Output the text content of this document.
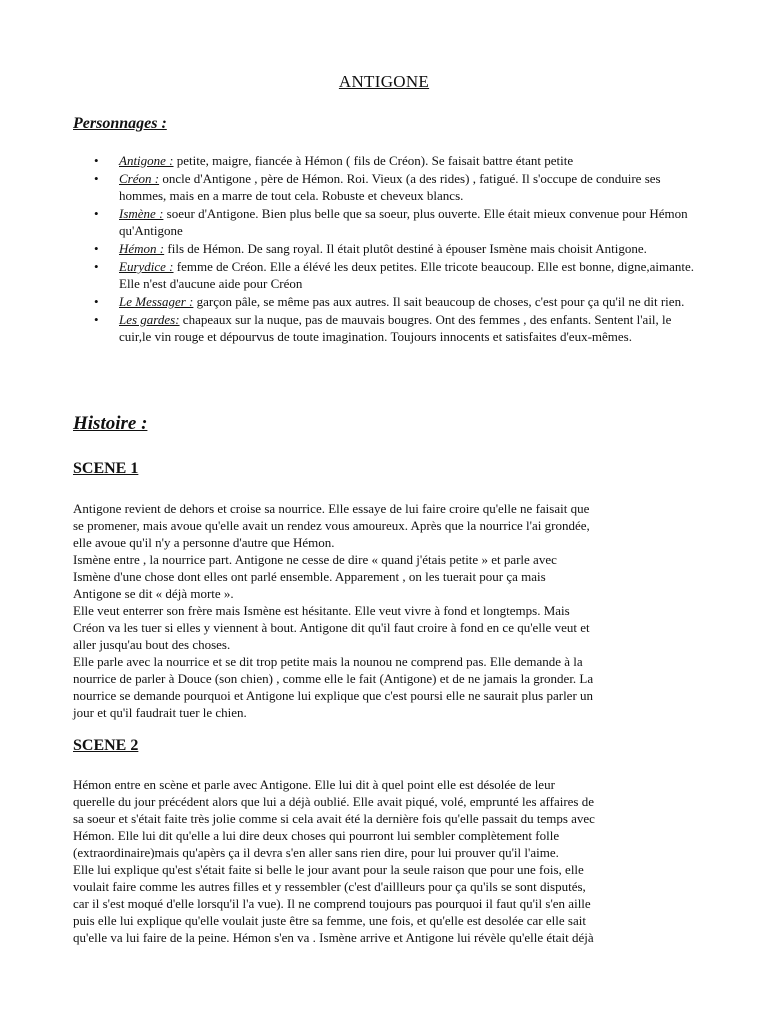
ANTIGONE
Personnages :
• Antigone : petite, maigre, fiancée à Hémon ( fils de Créon). Se faisait battre étant petite
• Créon : oncle d'Antigone , père de Hémon. Roi. Vieux (a des rides) , fatigué. Il s'occupe de conduire ses hommes, mais en a marre de tout cela. Robuste et cheveux blancs.
• Ismène : soeur d'Antigone. Bien plus belle que sa soeur, plus ouverte. Elle était mieux convenue pour Hémon qu'Antigone
• Hémon : fils de Hémon. De sang royal. Il était plutôt destiné à épouser Ismène mais choisit Antigone.
• Eurydice : femme de Créon. Elle a élévé les deux petites. Elle tricote beaucoup. Elle est bonne, digne,aimante. Elle n'est d'aucune aide pour Créon
• Le Messager : garçon pâle, se même pas aux autres. Il sait beaucoup de choses, c'est pour ça qu'il ne dit rien.
• Les gardes: chapeaux sur la nuque, pas de mauvais bougres. Ont des femmes , des enfants. Sentent l'ail, le cuir,le vin rouge et dépourvus de toute imagination. Toujours innocents et satisfaites d'eux-mêmes.
Histoire :
SCENE 1

Antigone revient de dehors et croise sa nourrice. Elle essaye de lui faire croire qu'elle ne faisait que
se promener, mais avoue qu'elle avait un rendez vous amoureux. Après que la nourrice l'ai grondée,
elle avoue qu'il n'y a personne d'autre que Hémon.
Ismène entre , la nourrice part. Antigone ne cesse de dire « quand j'étais petite » et parle avec
Ismène d'une chose dont elles ont parlé ensemble. Apparement , on les tuerait pour ça mais
Antigone se dit « déjà morte ».
Elle veut enterrer son frère mais Ismène est hésitante. Elle veut vivre à fond et longtemps. Mais
Créon va les tuer si elles y viennent à bout. Antigone dit qu'il faut croire à fond en ce qu'elle veut et
aller jusqu'au bout des choses.
Elle parle avec la nourrice et se dit trop petite mais la nounou ne comprend pas. Elle demande à la
nourrice de parler à Douce (son chien) , comme elle le fait (Antigone) et de ne jamais la gronder. La
nourrice se demande pourquoi et Antigone lui explique que c'est poursi elle ne saurait plus parler un
jour et qu'il faudrait tuer le chien.

SCENE 2

Hémon entre en scène et parle avec Antigone. Elle lui dit à quel point elle est désolée de leur
querelle du jour précédent alors que lui a déjà oublié. Elle avait piqué, volé, emprunté les affaires de
sa soeur et s'était faite très jolie comme si cela avait été la dernière fois qu'elle passait du temps avec
Hémon. Elle lui dit qu'elle a lui dire deux choses qui pourront lui sembler complètement folle
(extraordinaire)mais qu'apèrs ça il devra s'en aller sans rien dire, pour lui prouver qu'il l'aime.
Elle lui explique qu'est s'était faite si belle le jour avant pour la seule raison que pour une fois, elle
voulait faire comme les autres filles et y ressembler (c'est d'aillleurs pour ça qu'ils se sont disputés,
car il s'est moqué d'elle lorsqu'il l'a vue). Il ne comprend toujours pas pourquoi il faut qu'il s'en aille
puis elle lui explique qu'elle voulait juste être sa femme, une fois, et qu'elle est desolée car elle sait
qu'elle va lui faire de la peine. Hémon s'en va . Ismène arrive et Antigone lui révèle qu'elle était déjà
